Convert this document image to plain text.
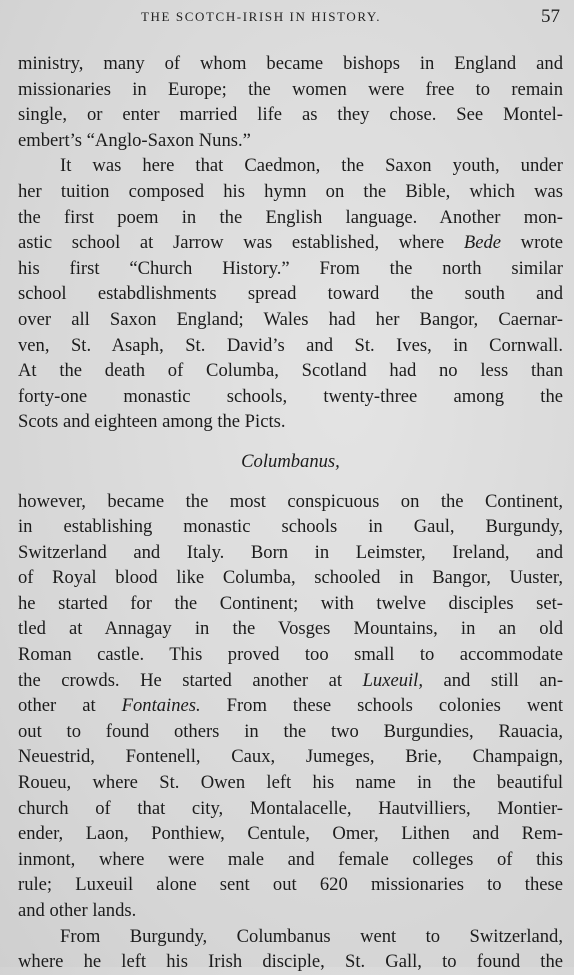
THE SCOTCH-IRISH IN HISTORY.	57
ministry, many of whom became bishops in England and
missionaries in Europe; the women were free to remain
single, or enter married life as they chose. See Montel-
embert’s “Anglo-Saxon Nuns.”
It was here that Caedmon, the Saxon youth, under
her tuition composed his hymn on the Bible, which was
the first poem in the English language. Another mon-
astic school at Jarrow was established, where Bede wrote
his first “Church History.” From the north similar
school estabdlishments spread toward the south and
over all Saxon England; Wales had her Bangor, Caernar-
ven, St. Asaph, St. David’s and St. Ives, in Cornwall.
At the death of Columba, Scotland had no less than
forty-one monastic schools, twenty-three among the
Scots and eighteen among the Picts.
Columbanus,
however, became the most conspicuous on the Continent,
in establishing monastic schools in Gaul, Burgundy,
Switzerland and Italy. Born in Leimster, Ireland, and
of Royal blood like Columba, schooled in Bangor, Uuster,
he started for the Continent; with twelve disciples set-
tled at Annagay in the Vosges Mountains, in an old
Roman castle. This proved too small to accommodate
the crowds. He started another at Luxeuil, and still an-
other at Fontaines. From these schools colonies went
out to found others in the two Burgundies, Rauacia,
Neuestrid, Fontenell, Caux, Jumeges, Brie, Champaign,
Roueu, where St. Owen left his name in the beautiful
church of that city, Montalacelle, Hautvilliers, Montier-
ender, Laon, Ponthiew, Centule, Omer, Lithen and Rem-
inmont, where were male and female colleges of this
rule; Luxeuil alone sent out 620 missionaries to these
and other lands.
From Burgundy, Columbanus went to Switzerland,
where he left his Irish disciple, St. Gall, to found the
